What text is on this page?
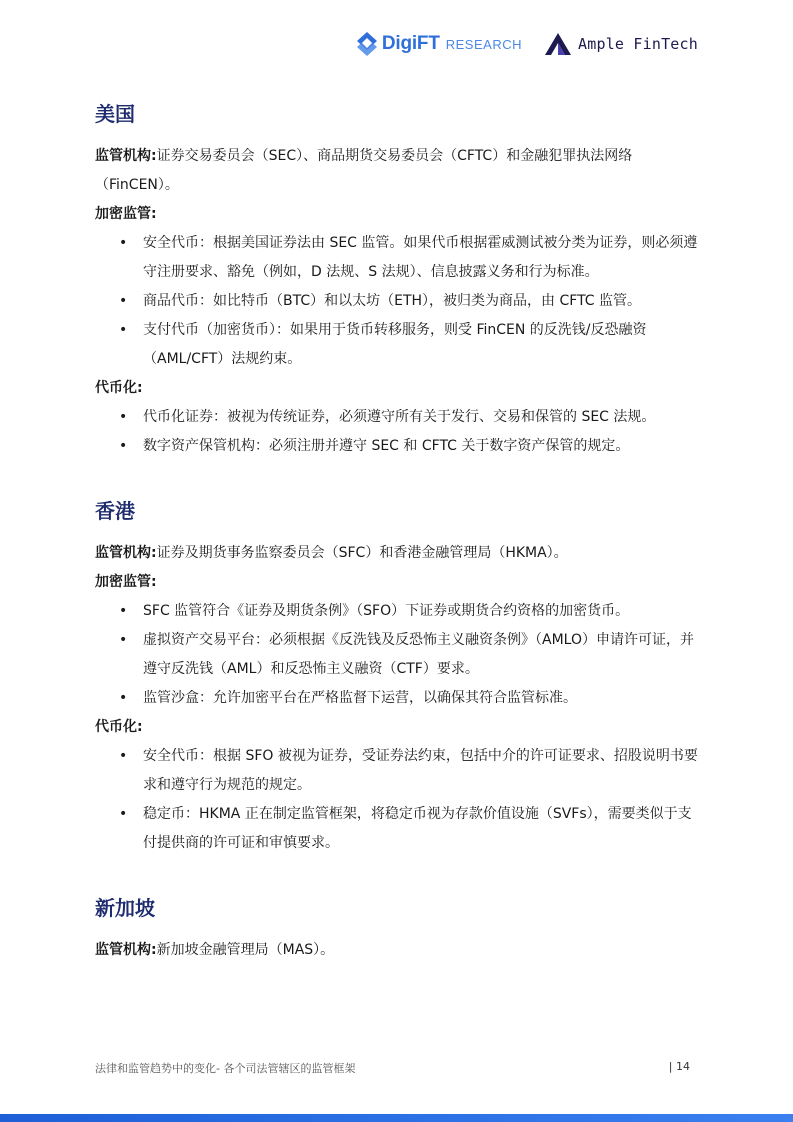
DigiFT RESEARCH	Ample FinTech
美国

监管机构:证券交易委员会（SEC）、商品期货交易委员会（CFTC）和金融犯罪执法网络（FinCEN）。

加密监管:

• 安全代币：根据美国证券法由 SEC 监管。如果代币根据霍威测试被分类为证券，则必须遵守注册要求、豁免（例如，D 法规、S 法规）、信息披露义务和行为标准。
• 商品代币：如比特币（BTC）和以太坊（ETH），被归类为商品，由 CFTC 监管。
• 支付代币（加密货币）：如果用于货币转移服务，则受 FinCEN 的反洗钱/反恐融资（AML/CFT）法规约束。

代币化:

• 代币化证券：被视为传统证券，必须遵守所有关于发行、交易和保管的 SEC 法规。
• 数字资产保管机构：必须注册并遵守 SEC 和 CFTC 关于数字资产保管的规定。
香港

监管机构:证券及期货事务监察委员会（SFC）和香港金融管理局（HKMA）。

加密监管:

• SFC 监管符合《证券及期货条例》（SFO）下证券或期货合约资格的加密货币。
• 虚拟资产交易平台：必须根据《反洗钱及反恐怖主义融资条例》（AMLO）申请许可证，并遵守反洗钱（AML）和反恐怖主义融资（CTF）要求。
• 监管沙盒：允许加密平台在严格监督下运营，以确保其符合监管标准。

代币化:

• 安全代币：根据 SFO 被视为证券，受证券法约束，包括中介的许可证要求、招股说明书要求和遵守行为规范的规定。
• 稳定币：HKMA 正在制定监管框架，将稳定币视为存款价值设施（SVFs），需要类似于支付提供商的许可证和审慎要求。
新加坡

监管机构:新加坡金融管理局（MAS）。

法律和监管趋势中的变化- 各个司法管辖区的监管框架	| 14
